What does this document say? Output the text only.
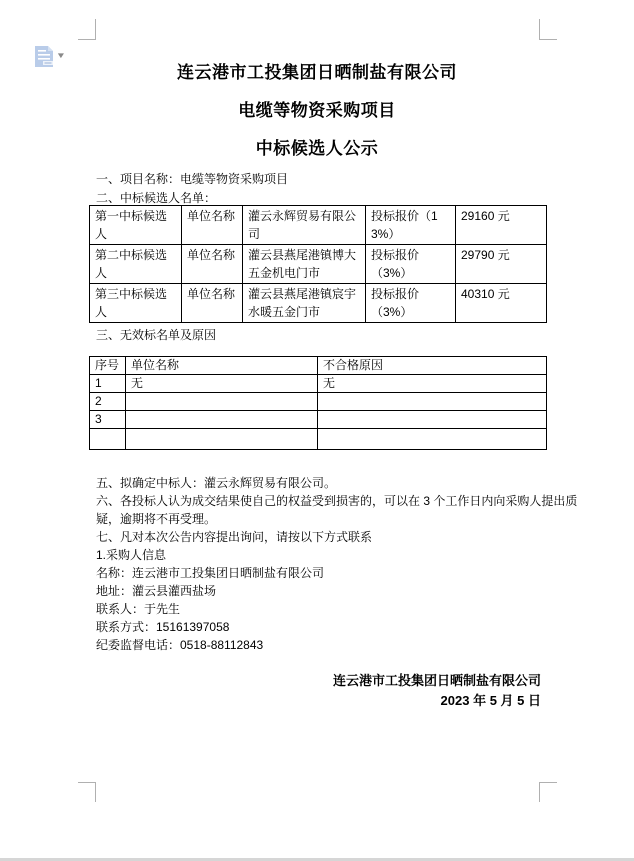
▼
连云港市工投集团日晒制盐有限公司
电缆等物资采购项目
中标候选人公示
一、项目名称：电缆等物资采购项目
二、中标候选人名单：
第一中标候选人	单位名称	灌云永辉贸易有限公司	投标报价（13%）	29160 元
第二中标候选人	单位名称	灌云县燕尾港镇博大五金机电门市	投标报价（3%）	29790 元
第三中标候选人	单位名称	灌云县燕尾港镇宸宇水暖五金门市	投标报价（3%）	40310 元
三、无效标名单及原因
序号	单位名称	不合格原因
1	无	无
2		
3		

五、拟确定中标人：灌云永辉贸易有限公司。
六、各投标人认为成交结果使自己的权益受到损害的，可以在 3 个工作日内向采购人提出质
疑，逾期将不再受理。
七、凡对本次公告内容提出询问，请按以下方式联系
1.采购人信息
名称：连云港市工投集团日晒制盐有限公司
地址：灌云县灌西盐场
联系人：于先生
联系方式：15161397058
纪委监督电话：0518-88112843
连云港市工投集团日晒制盐有限公司
2023 年 5 月 5 日
